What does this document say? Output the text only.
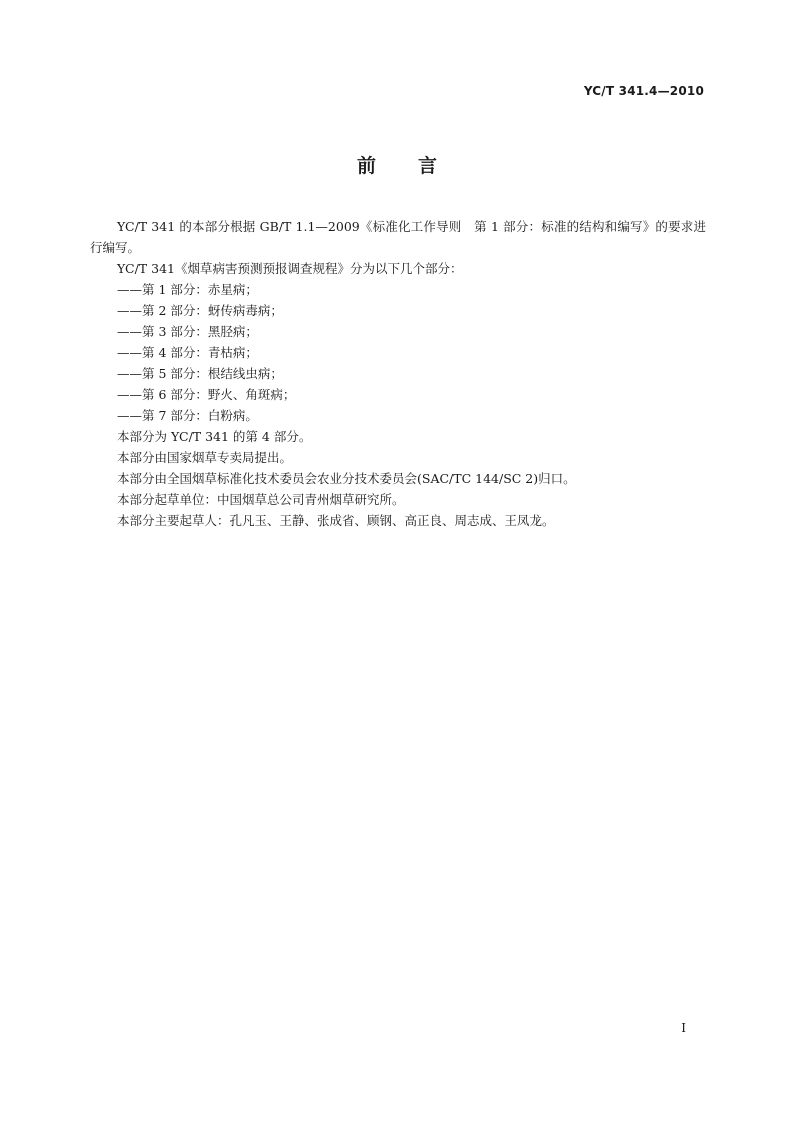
YC/T 341.4—2010
前言

YC/T 341 的本部分根据 GB/T 1.1—2009《标准化工作导则　第 1 部分：标准的结构和编写》的要求进行编写。

YC/T 341《烟草病害预测预报调查规程》分为以下几个部分：

——第 1 部分：赤星病；

——第 2 部分：蚜传病毒病；

——第 3 部分：黑胫病；

——第 4 部分：青枯病；

——第 5 部分：根结线虫病；

——第 6 部分：野火、角斑病；

——第 7 部分：白粉病。

本部分为 YC/T 341 的第 4 部分。

本部分由国家烟草专卖局提出。

本部分由全国烟草标准化技术委员会农业分技术委员会(SAC/TC 144/SC 2)归口。

本部分起草单位：中国烟草总公司青州烟草研究所。

本部分主要起草人：孔凡玉、王静、张成省、顾钢、高正良、周志成、王凤龙。

I
